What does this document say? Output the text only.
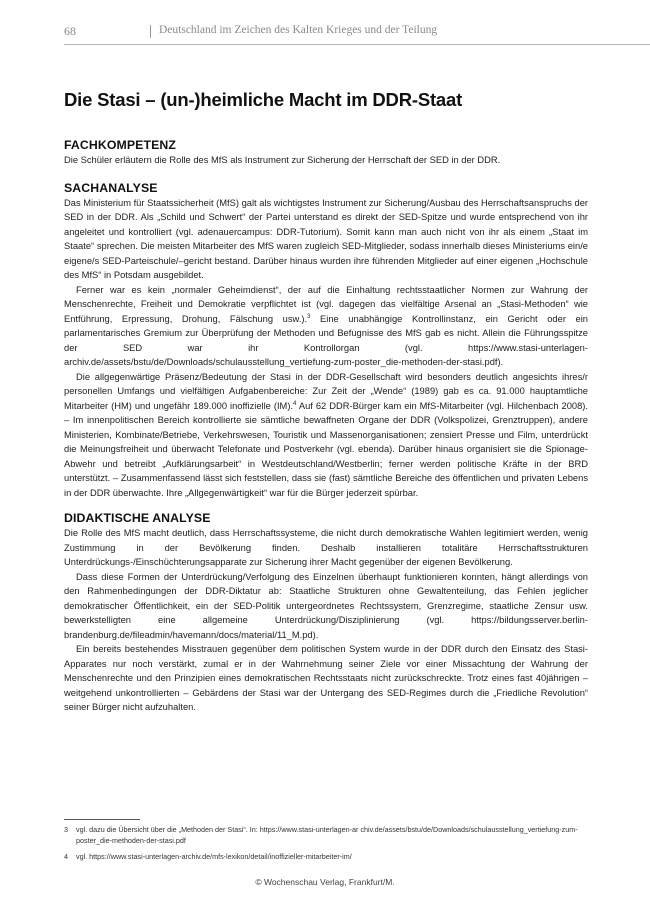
68	Deutschland im Zeichen des Kalten Krieges und der Teilung
Die Stasi – (un-)heimliche Macht im DDR-Staat
FACHKOMPETENZ

Die Schüler erläutern die Rolle des MfS als Instrument zur Sicherung der Herrschaft der SED in der DDR.

SACHANALYSE

Das Ministerium für Staatssicherheit (MfS) galt als wichtigstes Instrument zur Sicherung/Ausbau des Herrschaftsanspruchs der SED in der DDR. Als „Schild und Schwert“ der Partei unterstand es direkt der SED-Spitze und wurde entsprechend von ihr angeleitet und kontrolliert (vgl. adenauercampus: DDR-Tutorium). Somit kann man auch nicht von ihr als einem „Staat im Staate“ sprechen. Die meisten Mitarbeiter des MfS waren zugleich SED-Mitglieder, sodass innerhalb dieses Ministeriums ein/e eigene/s SED-Parteischule/–gericht bestand. Darüber hinaus wurden ihre führenden Mitglieder auf einer eigenen „Hochschule des MfS“ in Potsdam ausgebildet.

Ferner war es kein „normaler Geheimdienst“, der auf die Einhaltung rechtsstaatlicher Normen zur Wahrung der Menschenrechte, Freiheit und Demokratie verpflichtet ist (vgl. dagegen das vielfältige Arsenal an „Stasi-Methoden“ wie Entführung, Erpressung, Drohung, Fälschung usw.).$^3$ Eine unabhängige Kontrollinstanz, ein Gericht oder ein parlamentarisches Gremium zur Überprüfung der Methoden und Befugnisse des MfS gab es nicht. Allein die Führungsspitze der SED war ihr Kontrollorgan (vgl. https://www.stasi-unterlagen-archiv.de/assets/bstu/de/Downloads/schulausstellung_vertiefung-zum-poster_die-methoden-der-stasi.pdf).

Die allgegenwärtige Präsenz/Bedeutung der Stasi in der DDR-Gesellschaft wird besonders deutlich angesichts ihres/r personellen Umfangs und vielfältigen Aufgabenbereiche: Zur Zeit der „Wende“ (1989) gab es ca. 91.000 hauptamtliche Mitarbeiter (HM) und ungefähr 189.000 inoffizielle (IM).$^4$ Auf 62 DDR-Bürger kam ein MfS-Mitarbeiter (vgl. Hilchenbach 2008). – Im innenpolitischen Bereich kontrollierte sie sämtliche bewaffneten Organe der DDR (Volkspolizei, Grenztruppen), andere Ministerien, Kombinate/Betriebe, Verkehrswesen, Touristik und Massenorganisationen; zensiert Presse und Film, unterdrückt die Meinungsfreiheit und überwacht Telefonate und Postverkehr (vgl. ebenda). Darüber hinaus organisiert sie die Spionage-Abwehr und betreibt „Aufklärungsarbeit“ in Westdeutschland/Westberlin; ferner werden politische Kräfte in der BRD unterstützt. – Zusammenfassend lässt sich feststellen, dass sie (fast) sämtliche Bereiche des öffentlichen und privaten Lebens in der DDR überwachte. Ihre „Allgegenwärtigkeit“ war für die Bürger jederzeit spürbar.

DIDAKTISCHE ANALYSE

Die Rolle des MfS macht deutlich, dass Herrschaftssysteme, die nicht durch demokratische Wahlen legitimiert werden, wenig Zustimmung in der Bevölkerung finden. Deshalb installieren totalitäre Herrschaftsstrukturen Unterdrückungs-/Einschüchterungsapparate zur Sicherung ihrer Macht gegenüber der eigenen Bevölkerung.

Dass diese Formen der Unterdrückung/Verfolgung des Einzelnen überhaupt funktionieren konnten, hängt allerdings von den Rahmenbedingungen der DDR-Diktatur ab: Staatliche Strukturen ohne Gewaltenteilung, das Fehlen jeglicher demokratischer Öffentlichkeit, ein der SED-Politik untergeordnetes Rechtssystem, Grenzregime, staatliche Zensur usw. bewerkstelligten eine allgemeine Unterdrückung/Disziplinierung (vgl. https://bildungsserver.berlin-brandenburg.de/fileadmin/havemann/docs/material/11_M.pd).

Ein bereits bestehendes Misstrauen gegenüber dem politischen System wurde in der DDR durch den Einsatz des Stasi-Apparates nur noch verstärkt, zumal er in der Wahrnehmung seiner Ziele vor einer Missachtung der Wahrung der Menschenrechte und den Prinzipien eines demokratischen Rechtsstaats nicht zurückschreckte. Trotz eines fast 40jährigen – weitgehend unkontrollierten – Gebärdens der Stasi war der Untergang des SED-Regimes durch die „Friedliche Revolution“ seiner Bürger nicht aufzuhalten.

3	vgl. dazu die Übersicht über die „Methoden der Stasi“. In: https://www.stasi-unterlagen-ar chiv.de/assets/bstu/de/Downloads/schulausstellung_vertiefung-zum-poster_die-methoden-der-stasi.pdf
4	vgl. https://www.stasi-unterlagen-archiv.de/mfs-lexikon/detail/inoffizieller-mitarbeiter-im/
© Wochenschau Verlag, Frankfurt/M.
